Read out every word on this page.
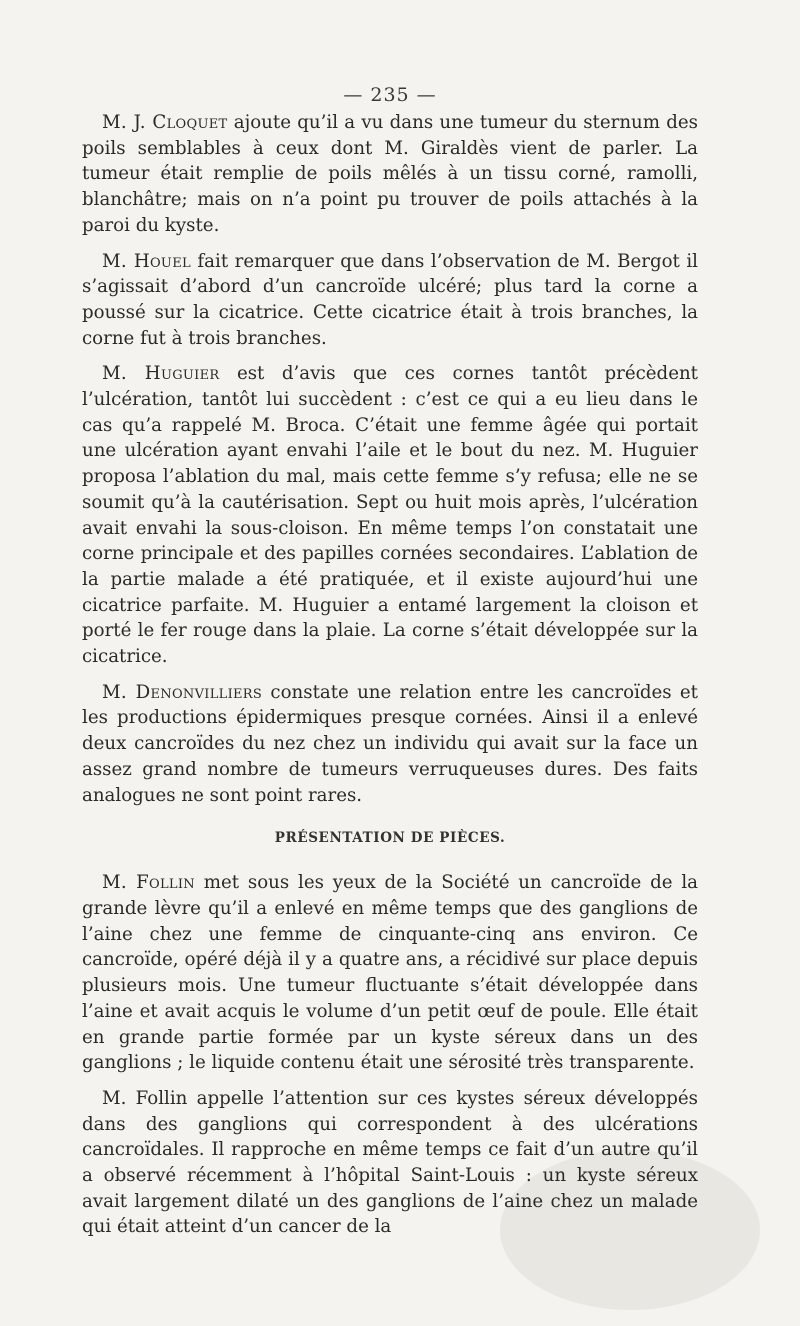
— 235 —

M. J. Cloquet ajoute qu’il a vu dans une tumeur du sternum des poils semblables à ceux dont M. Giraldès vient de parler. La tumeur était remplie de poils mêlés à un tissu corné, ramolli, blanchâtre; mais on n’a point pu trouver de poils attachés à la paroi du kyste.

M. Houel fait remarquer que dans l’observation de M. Bergot il s’agissait d’abord d’un cancroïde ulcéré; plus tard la corne a poussé sur la cicatrice. Cette cicatrice était à trois branches, la corne fut à trois branches.

M. Huguier est d’avis que ces cornes tantôt précèdent l’ulcération, tantôt lui succèdent : c’est ce qui a eu lieu dans le cas qu’a rappelé M. Broca. C’était une femme âgée qui portait une ulcération ayant envahi l’aile et le bout du nez. M. Huguier proposa l’ablation du mal, mais cette femme s’y refusa; elle ne se soumit qu’à la cautérisation. Sept ou huit mois après, l’ulcération avait envahi la sous-cloison. En même temps l’on constatait une corne principale et des papilles cornées secondaires. L’ablation de la partie malade a été pratiquée, et il existe aujourd’hui une cicatrice parfaite. M. Huguier a entamé largement la cloison et porté le fer rouge dans la plaie. La corne s’était développée sur la cicatrice.

M. Denonvilliers constate une relation entre les cancroïdes et les productions épidermiques presque cornées. Ainsi il a enlevé deux cancroïdes du nez chez un individu qui avait sur la face un assez grand nombre de tumeurs verruqueuses dures. Des faits analogues ne sont point rares.

PRÉSENTATION DE PIÈCES.

M. Follin met sous les yeux de la Société un cancroïde de la grande lèvre qu’il a enlevé en même temps que des ganglions de l’aine chez une femme de cinquante-cinq ans environ. Ce cancroïde, opéré déjà il y a quatre ans, a récidivé sur place depuis plusieurs mois. Une tumeur fluctuante s’était développée dans l’aine et avait acquis le volume d’un petit œuf de poule. Elle était en grande partie formée par un kyste séreux dans un des ganglions ; le liquide contenu était une sérosité très transparente.

M. Follin appelle l’attention sur ces kystes séreux développés dans des ganglions qui correspondent à des ulcérations cancroïdales. Il rapproche en même temps ce fait d’un autre qu’il a observé récemment à l’hôpital Saint-Louis : un kyste séreux avait largement dilaté un des ganglions de l’aine chez un malade qui était atteint d’un cancer de la
